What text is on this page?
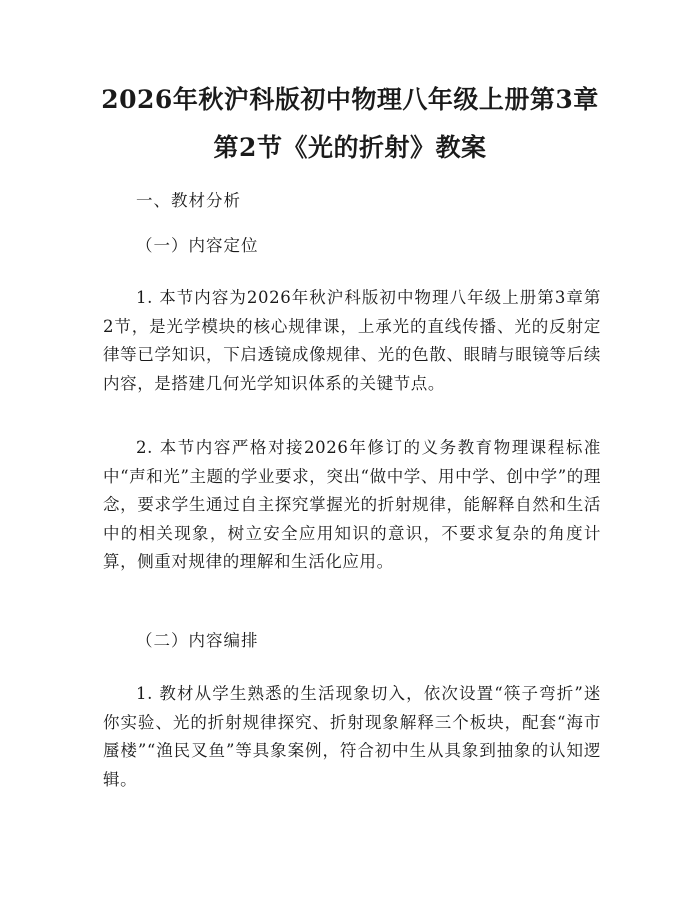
2026年秋沪科版初中物理八年级上册第3章
第2节《光的折射》教案

一、教材分析

（一）内容定位

1. 本节内容为2026年秋沪科版初中物理八年级上册第3章第2节，是光学模块的核心规律课，上承光的直线传播、光的反射定律等已学知识，下启透镜成像规律、光的色散、眼睛与眼镜等后续内容，是搭建几何光学知识体系的关键节点。

2. 本节内容严格对接2026年修订的义务教育物理课程标准中“声和光”主题的学业要求，突出“做中学、用中学、创中学”的理念，要求学生通过自主探究掌握光的折射规律，能解释自然和生活中的相关现象，树立安全应用知识的意识，不要求复杂的角度计算，侧重对规律的理解和生活化应用。

（二）内容编排

1. 教材从学生熟悉的生活现象切入，依次设置“筷子弯折”迷你实验、光的折射规律探究、折射现象解释三个板块，配套“海市蜃楼”“渔民叉鱼”等具象案例，符合初中生从具象到抽象的认知逻辑。
